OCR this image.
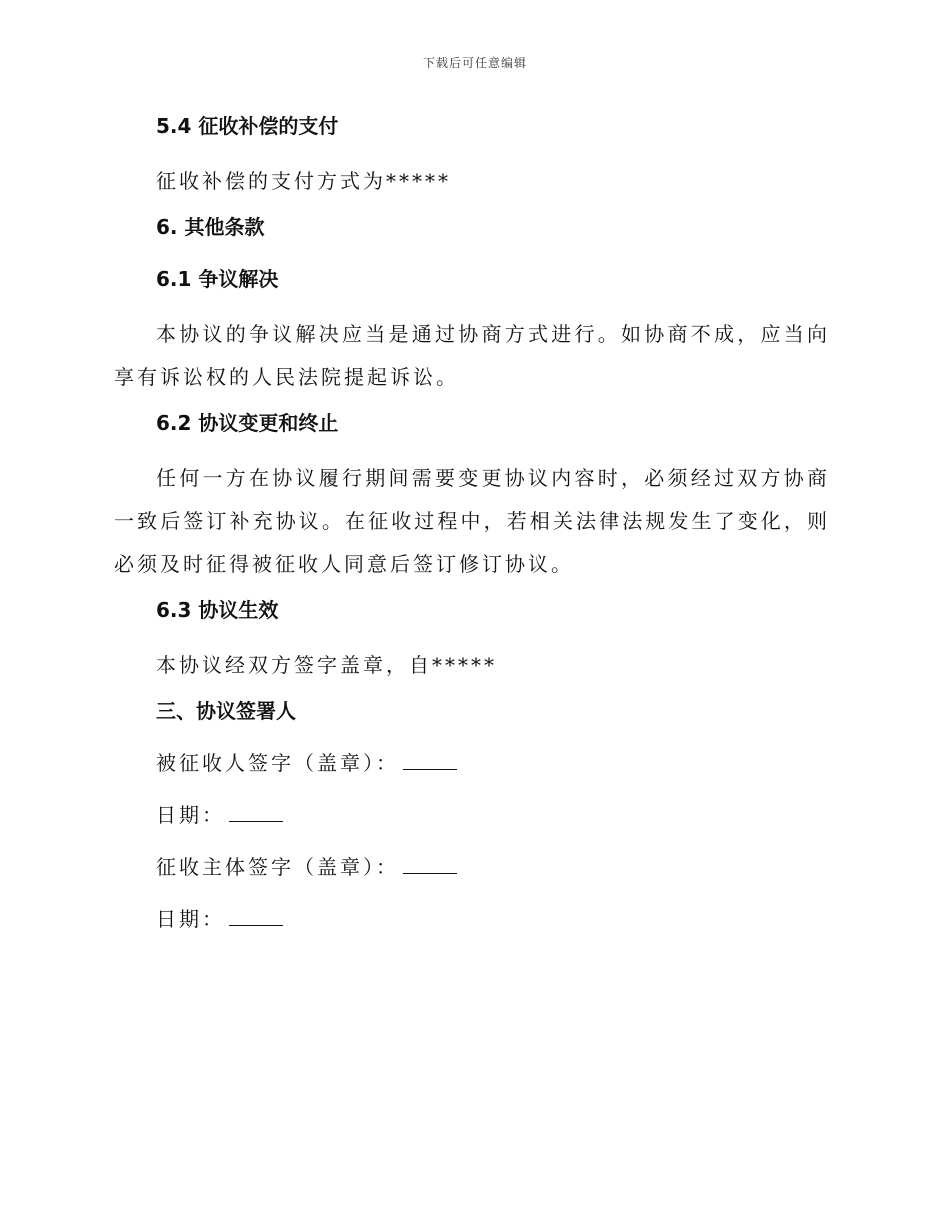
下载后可任意编辑
5.4 征收补偿的支付
征收补偿的支付方式为*****
6. 其他条款
6.1 争议解决
本协议的争议解决应当是通过协商方式进行。如协商不成，应当向享有诉讼权的人民法院提起诉讼。
6.2 协议变更和终止
任何一方在协议履行期间需要变更协议内容时，必须经过双方协商一致后签订补充协议。在征收过程中，若相关法律法规发生了变化，则必须及时征得被征收人同意后签订修订协议。
6.3 协议生效
本协议经双方签字盖章，自*****
三、协议签署人
被征收人签字（盖章）：
日期：
征收主体签字（盖章）：
日期：
